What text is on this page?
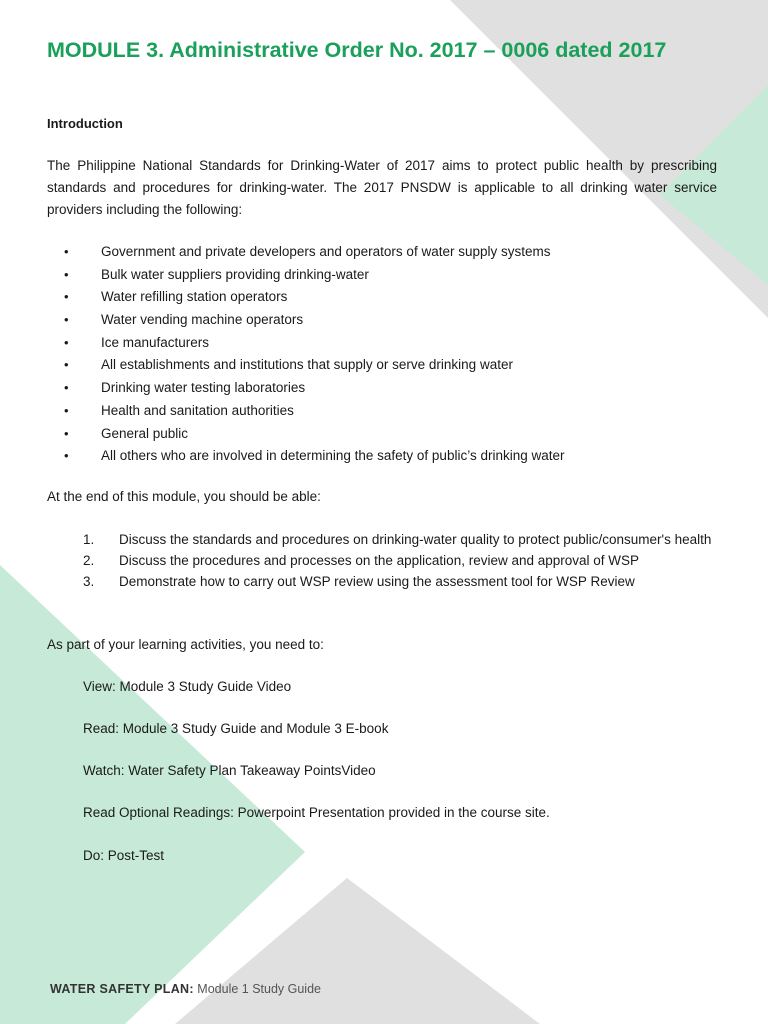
MODULE 3. Administrative Order No. 2017 – 0006 dated 2017
Introduction

The Philippine National Standards for Drinking-Water of 2017 aims to protect public health by prescribing standards and procedures for drinking-water. The 2017 PNSDW is applicable to all drinking water service providers including the following:

• Government and private developers and operators of water supply systems
• Bulk water suppliers providing drinking-water
• Water refilling station operators
• Water vending machine operators
• Ice manufacturers
• All establishments and institutions that supply or serve drinking water
• Drinking water testing laboratories
• Health and sanitation authorities
• General public
• All others who are involved in determining the safety of public’s drinking water

At the end of this module, you should be able:

1. Discuss the standards and procedures on drinking-water quality to protect public/consumer's health
2. Discuss the procedures and processes on the application, review and approval of WSP
3. Demonstrate how to carry out WSP review using the assessment tool for WSP Review

As part of your learning activities, you need to:

View: Module 3 Study Guide Video

Read: Module 3 Study Guide and Module 3 E-book

Watch: Water Safety Plan Takeaway PointsVideo

Read Optional Readings: Powerpoint Presentation provided in the course site.

Do: Post-Test

WATER SAFETY PLAN: Module 1 Study Guide
